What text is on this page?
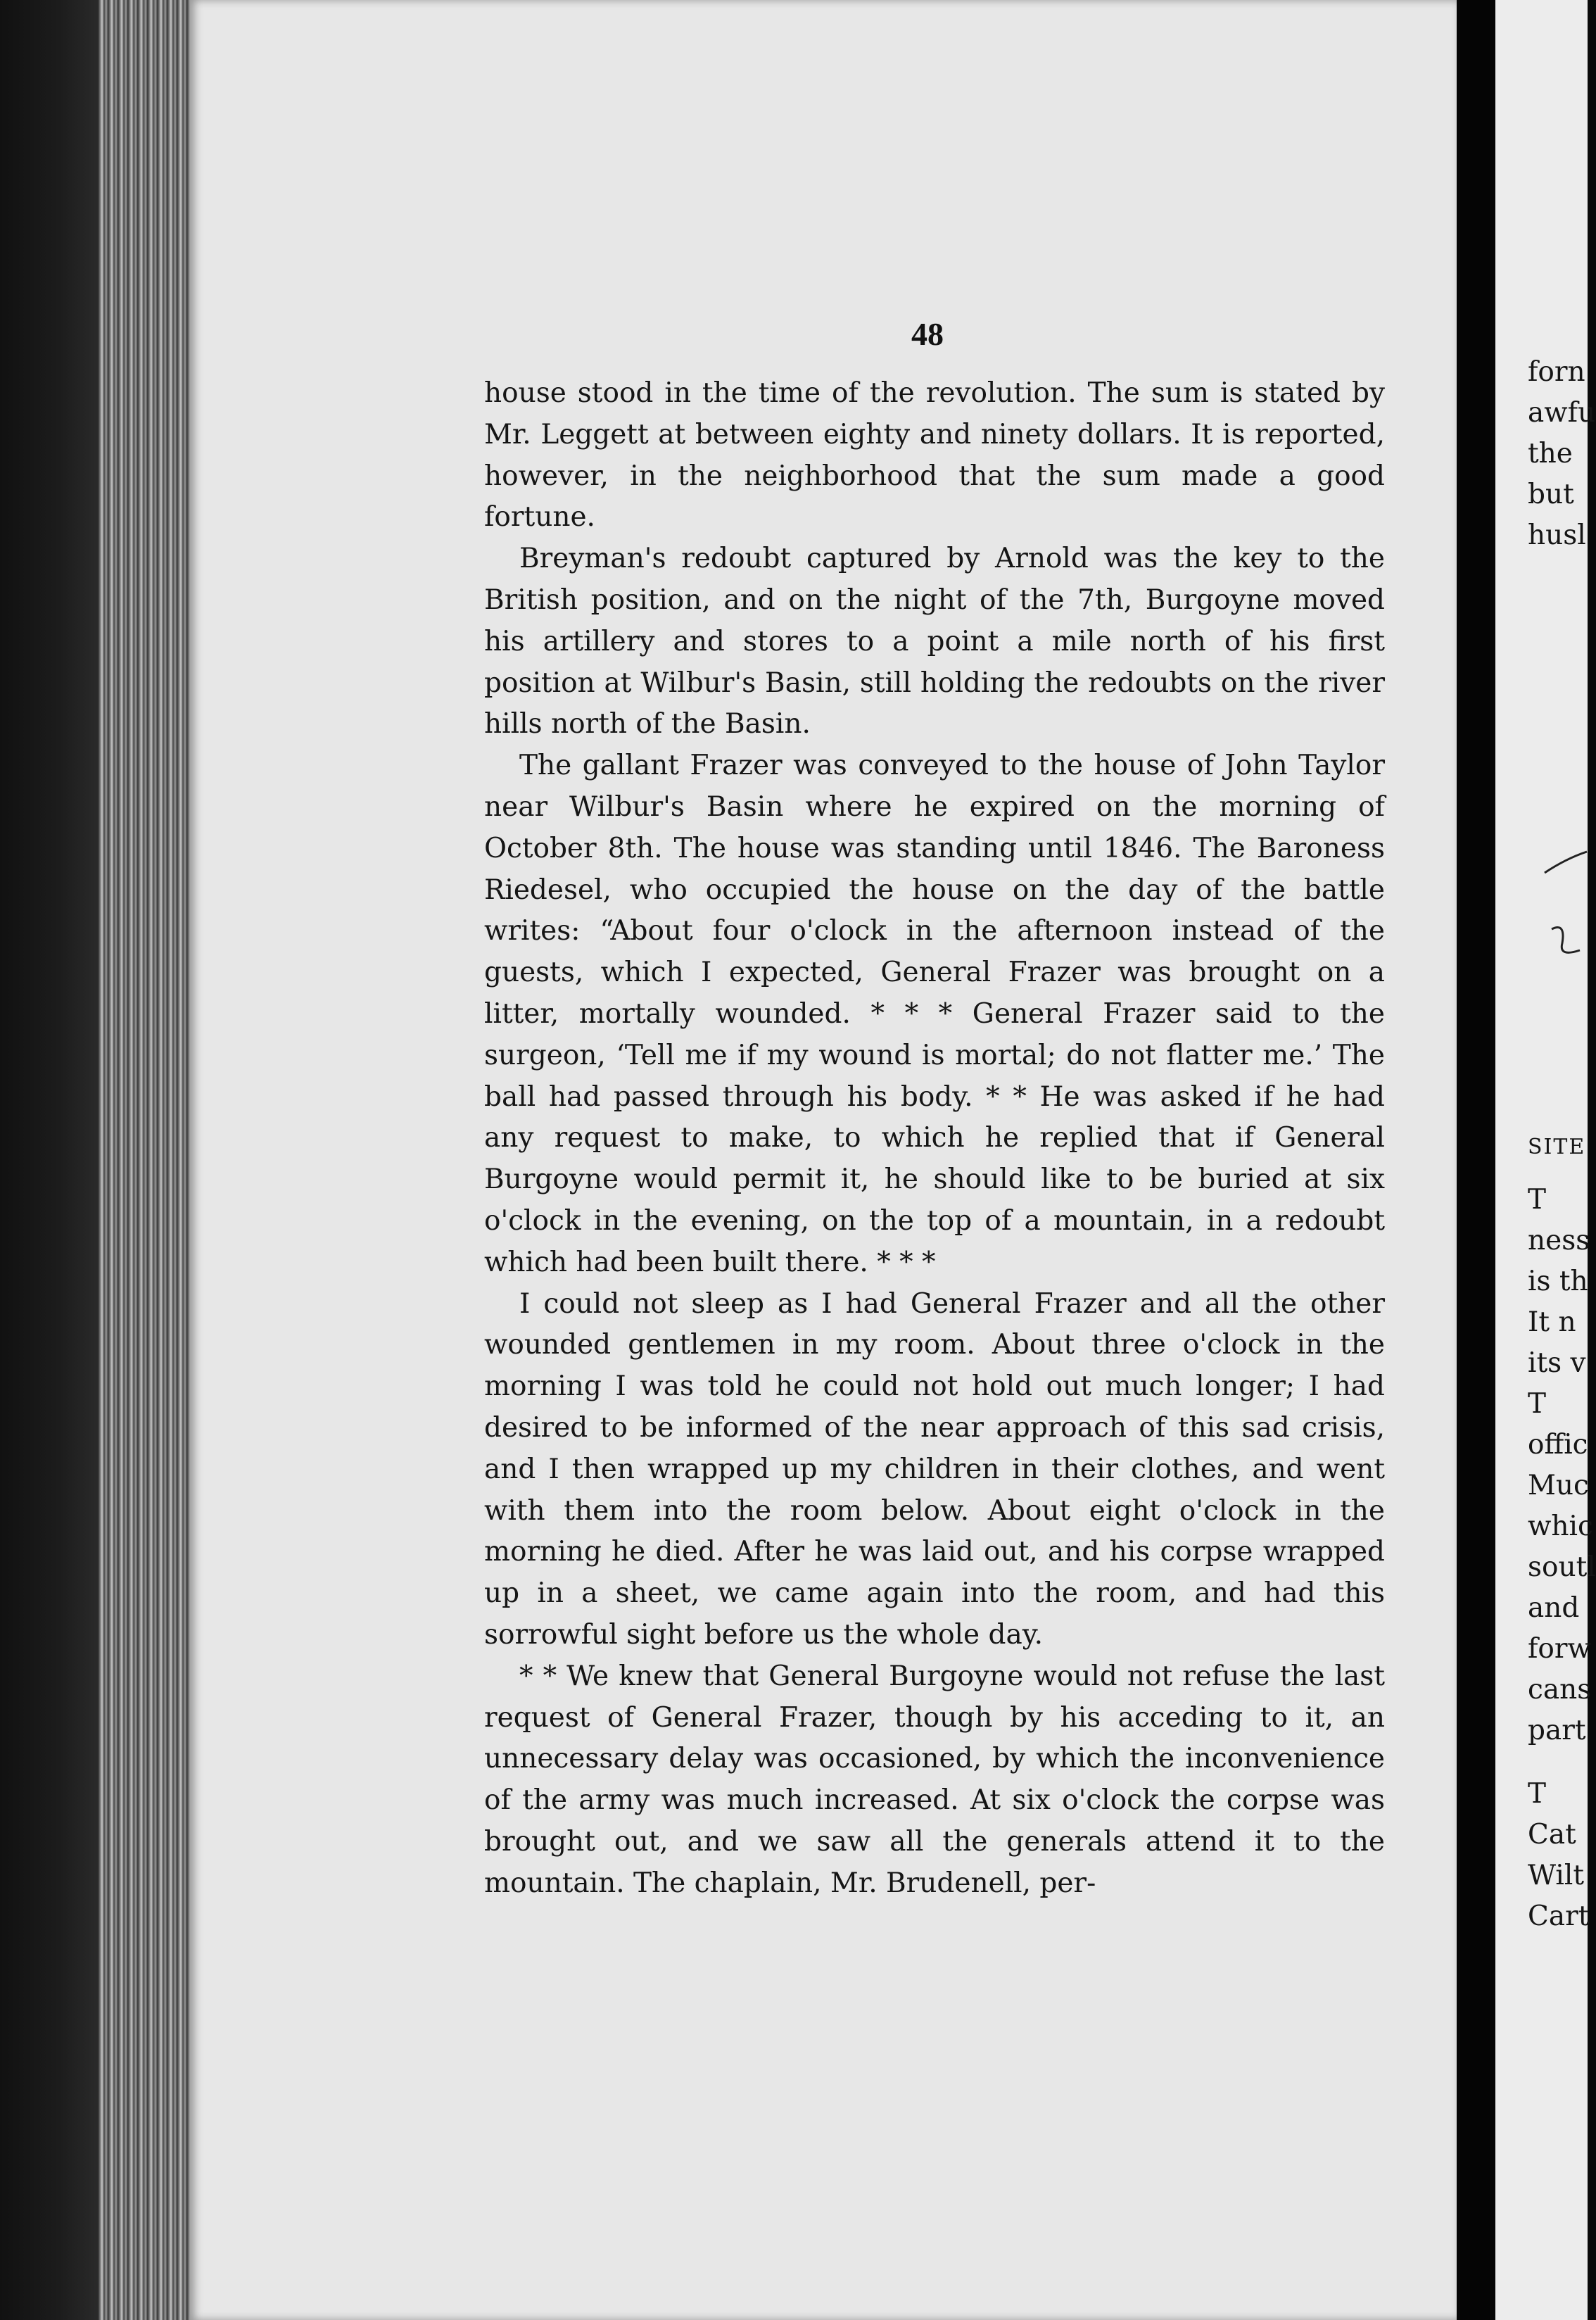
48

house stood in the time of the revolution. The sum is stated by Mr. Leggett at between eighty and ninety dollars. It is reported, however, in the neighborhood that the sum made a good fortune.

Breyman's redoubt captured by Arnold was the key to the British position, and on the night of the 7th, Burgoyne moved his artillery and stores to a point a mile north of his first position at Wilbur's Basin, still holding the redoubts on the river hills north of the Basin.

The gallant Frazer was conveyed to the house of John Taylor near Wilbur's Basin where he expired on the morning of October 8th. The house was standing until 1846. The Baroness Riedesel, who occupied the house on the day of the battle writes: “About four o'clock in the afternoon instead of the guests, which I expected, General Frazer was brought on a litter, mortally wounded. * * * General Frazer said to the surgeon, ‘Tell me if my wound is mortal; do not flatter me.’ The ball had passed through his body. * * He was asked if he had any request to make, to which he replied that if General Burgoyne would permit it, he should like to be buried at six o'clock in the evening, on the top of a mountain, in a redoubt which had been built there. * * *

I could not sleep as I had General Frazer and all the other wounded gentlemen in my room. About three o'clock in the morning I was told he could not hold out much longer; I had desired to be informed of the near approach of this sad crisis, and I then wrapped up my children in their clothes, and went with them into the room below. About eight o'clock in the morning he died. After he was laid out, and his corpse wrapped up in a sheet, we came again into the room, and had this sorrowful sight before us the whole day.

* * We knew that General Burgoyne would not refuse the last request of General Frazer, though by his acceding to it, an unnecessary delay was occasioned, by which the inconvenience of the army was much increased. At six o'clock the corpse was brought out, and we saw all the generals attend it to the mountain. The chaplain, Mr. Brudenell, per-

forn
awfu
the
but
husl
SITE
T
ness
is th
It n
its v
T
offic
Muc
whic
soutl
and
forw
cans
part
T
Cat
Wilt
Cart
